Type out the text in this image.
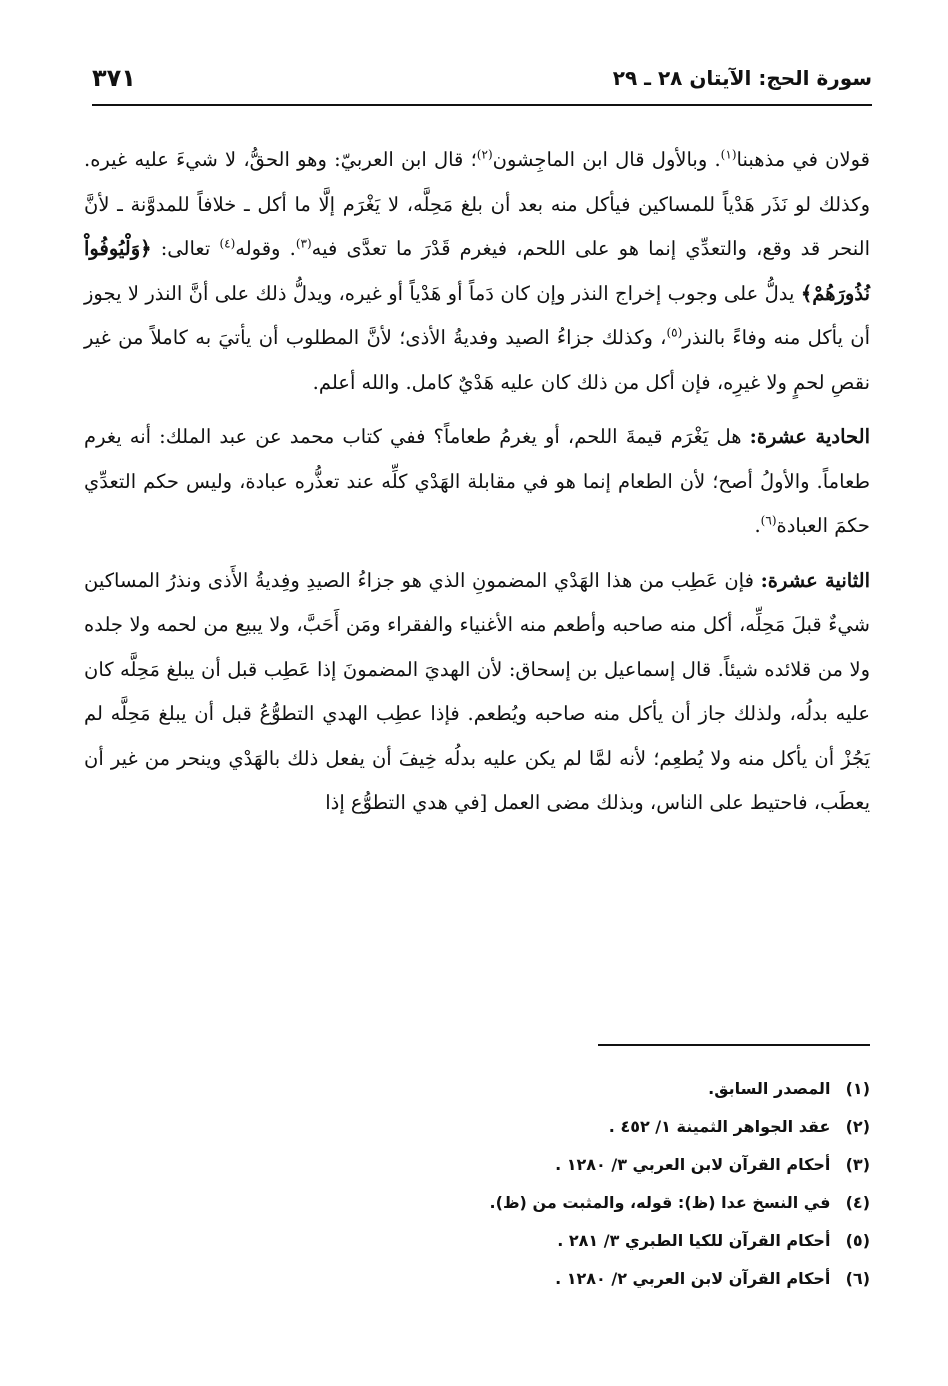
سورة الحج: الآيتان ٢٨ ـ ٢٩
٣٧١

قولان في مذهبنا$^{(١)}$. وبالأول قال ابن الماجِشون$^{(٢)}$؛ قال ابن العربيّ: وهو الحقُّ، لا شيءَ عليه غيره. وكذلك لو نَذَر هَدْياً للمساكين فيأكل منه بعد أن بلغ مَحِلَّه، لا يَغْرَم إلَّا ما أكل ـ خلافاً للمدوَّنة ـ لأنَّ النحر قد وقع، والتعدِّي إنما هو على اللحم، فيغرم قَدْرَ ما تعدَّى فيه$^{(٣)}$. وقوله$^{(٤)}$ تعالى: ﴿وَلْيُوفُواْ نُذُورَهُمْ﴾ يدلُّ على وجوب إخراج النذر وإن كان دَماً أو هَدْياً أو غيره، ويدلُّ ذلك على أنَّ النذر لا يجوز أن يأكل منه وفاءً بالنذر$^{(٥)}$، وكذلك جزاءُ الصيد وفديةُ الأذى؛ لأنَّ المطلوب أن يأتيَ به كاملاً من غير نقصِ لحمٍ ولا غيرِه، فإن أكل من ذلك كان عليه هَدْيٌ كامل. والله أعلم.

الحادية عشرة: هل يَغْرَم قيمةَ اللحم، أو يغرمُ طعاماً؟ ففي كتاب محمد عن عبد الملك: أنه يغرم طعاماً. والأولُ أصح؛ لأن الطعام إنما هو في مقابلة الهَدْي كلِّه عند تعذُّره عبادة، وليس حكم التعدِّي حكمَ العبادة$^{(٦)}$.

الثانية عشرة: فإن عَطِب من هذا الهَدْي المضمونِ الذي هو جزاءُ الصيدِ وفِديةُ الأَذى ونذرُ المساكين شيءٌ قبلَ مَحِلِّه، أكل منه صاحبه وأطعم منه الأغنياء والفقراء ومَن أَحَبَّ، ولا يبيع من لحمه ولا جلده ولا من قلائده شيئاً. قال إسماعيل بن إسحاق: لأن الهديَ المضمونَ إذا عَطِب قبل أن يبلغ مَحِلَّه كان عليه بدلُه، ولذلك جاز أن يأكل منه صاحبه ويُطعم. فإذا عطِب الهدي التطوُّعُ قبل أن يبلغ مَحِلَّه لم يَجُزْ أن يأكل منه ولا يُطعِم؛ لأنه لمَّا لم يكن عليه بدلُه خِيفَ أن يفعل ذلك بالهَدْي وينحر من غير أن يعطَب، فاحتيط على الناس، وبذلك مضى العمل [في هدي التطوُّع إذا

(١) المصدر السابق.
(٢) عقد الجواهر الثمينة ١/ ٤٥٢ .
(٣) أحكام القرآن لابن العربي ٣/ ١٢٨٠ .
(٤) في النسخ عدا (ظ): قوله، والمثبت من (ظ).
(٥) أحكام القرآن للكيا الطبري ٣/ ٢٨١ .
(٦) أحكام القرآن لابن العربي ٢/ ١٢٨٠ .
